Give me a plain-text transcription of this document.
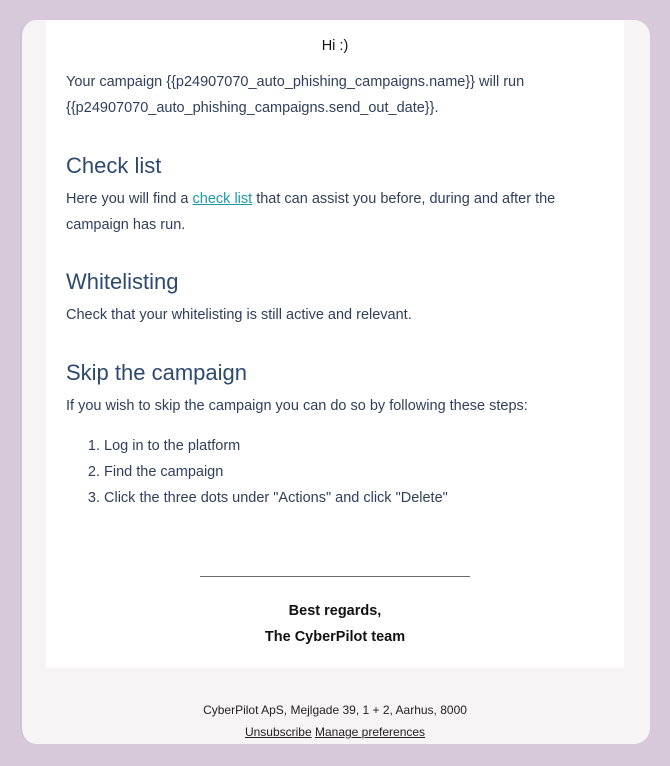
Hi :)
Your campaign {{p24907070_auto_phishing_campaigns.name}} will run
{{p24907070_auto_phishing_campaigns.send_out_date}}.
Check list
Here you will find a check list that can assist you before, during and after the campaign has run.
Whitelisting
Check that your whitelisting is still active and relevant.
Skip the campaign
If you wish to skip the campaign you can do so by following these steps:
1. Log in to the platform
2. Find the campaign
3. Click the three dots under "Actions" and click "Delete"
Best regards,
The CyberPilot team
CyberPilot ApS, Mejlgade 39, 1 + 2, Aarhus, 8000
Unsubscribe Manage preferences
